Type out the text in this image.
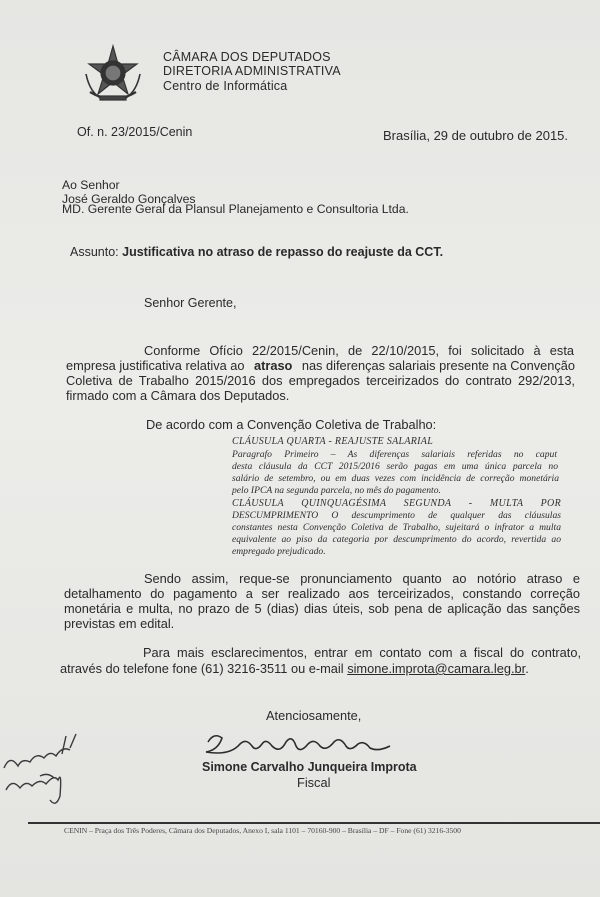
CÂMARA DOS DEPUTADOS
DIRETORIA ADMINISTRATIVA
Centro de Informática
Of. n. 23/2015/Cenin	Brasília, 29 de outubro de 2015.
Ao Senhor
José Geraldo Gonçalves
MD. Gerente Geral da Plansul Planejamento e Consultoria Ltda.
Assunto: Justificativa no atraso de repasso do reajuste da CCT.
Senhor Gerente,
Conforme Ofício 22/2015/Cenin, de 22/10/2015, foi solicitado à esta
empresa justificativa relativa ao atraso nas diferenças salariais presente na Convenção
Coletiva de Trabalho 2015/2016 dos empregados terceirizados do contrato 292/2013,
firmado com a Câmara dos Deputados.
De acordo com a Convenção Coletiva de Trabalho:
CLÁUSULA QUARTA - REAJUSTE SALARIAL
Paragrafo Primeiro – As diferenças salariais referidas no caput
desta cláusula da CCT 2015/2016 serão pagas em uma única parcela no
salário de setembro, ou em duas vezes com incidência de correção monetária
pelo IPCA na segunda parcela, no mês do pagamento.
CLÁUSULA QUINQUAGÉSIMA SEGUNDA - MULTA POR
DESCUMPRIMENTO O descumprimento de qualquer das cláusulas
constantes nesta Convenção Coletiva de Trabalho, sujeitará o infrator a multa
equivalente ao piso da categoria por descumprimento do acordo, revertida ao
empregado prejudicado.
Sendo assim, reque-se pronunciamento quanto ao notório atraso e
detalhamento do pagamento a ser realizado aos terceirizados, constando correção
monetária e multa, no prazo de 5 (dias) dias úteis, sob pena de aplicação das sanções
previstas em edital.
Para mais esclarecimentos, entrar em contato com a fiscal do contrato,
através do telefone fone (61) 3216-3511 ou e-mail simone.improta@camara.leg.br.
Atenciosamente,
Simone Carvalho Junqueira Improta
Fiscal
CENIN – Praça dos Três Poderes, Câmara dos Deputados, Anexo I, sala 1101 – 70160-900 – Brasília – DF – Fone (61) 3216-3500
